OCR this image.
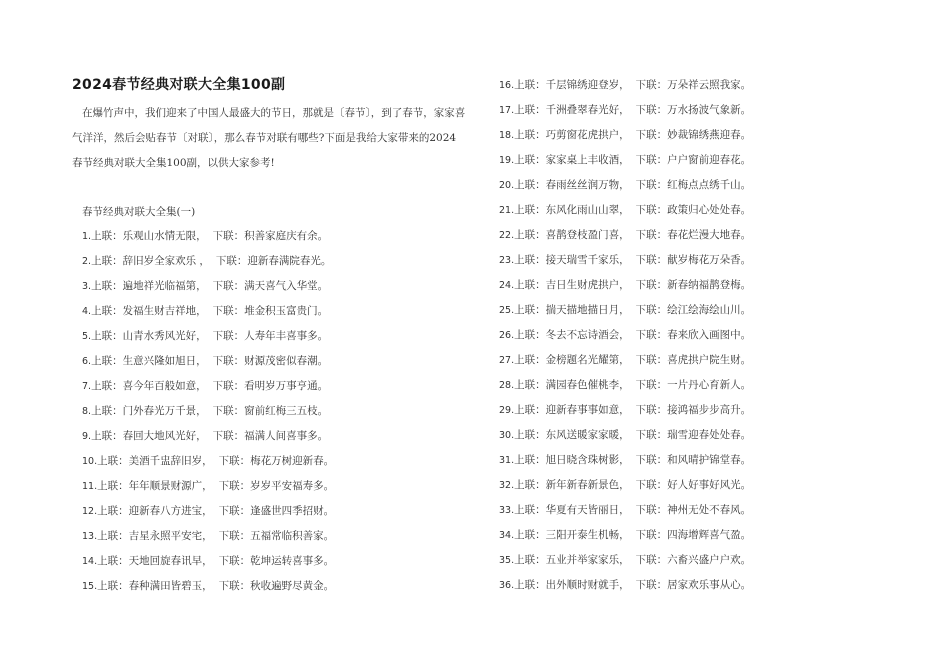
2024春节经典对联大全集100副
在爆竹声中，我们迎来了中国人最盛大的节日，那就是〔春节〕，到了春节，家家喜气洋洋，然后会贴春节〔对联〕，那么春节对联有哪些?下面是我给大家带来的2024春节经典对联大全集100副，以供大家参考!
春节经典对联大全集(一)
1.上联：乐观山水情无限， 下联：积善家庭庆有余。
2.上联：辞旧岁全家欢乐 ， 下联：迎新春满院春光。
3.上联：遍地祥光临福第， 下联：满天喜气入华堂。
4.上联：发福生财吉祥地， 下联：堆金积玉富贵门。
5.上联：山青水秀风光好， 下联：人寿年丰喜事多。
6.上联：生意兴隆如旭日， 下联：财源茂密似春潮。
7.上联：喜今年百般如意， 下联：看明岁万事亨通。
8.上联：门外春光万千景， 下联：窗前红梅三五枝。
9.上联：春回大地风光好， 下联：福满人间喜事多。
10.上联：美酒千盅辞旧岁， 下联：梅花万树迎新春。
11.上联：年年顺景财源广， 下联：岁岁平安福寿多。
12.上联：迎新春八方进宝， 下联：逢盛世四季招财。
13.上联：吉星永照平安宅， 下联：五福常临积善家。
14.上联：天地回旋春讯早， 下联：乾坤运转喜事多。
15.上联：春种满田皆碧玉， 下联：秋收遍野尽黄金。
16.上联：千层锦绣迎登岁， 下联：万朵祥云照我家。
17.上联：千洲叠翠春光好， 下联：万水扬波气象新。
18.上联：巧剪窗花虎拱户， 下联：妙裁锦绣燕迎春。
19.上联：家家桌上丰收酒， 下联：户户窗前迎春花。
20.上联：春雨丝丝润万物， 下联：红梅点点绣千山。
21.上联：东风化雨山山翠， 下联：政策归心处处春。
22.上联：喜鹊登枝盈门喜， 下联：春花烂漫大地春。
23.上联：接天瑞雪千家乐， 下联：献岁梅花万朵香。
24.上联：吉日生财虎拱户， 下联：新春纳福鹊登梅。
25.上联：揣天描地描日月， 下联：绘江绘海绘山川。
26.上联：冬去不忘诗酒会， 下联：春来欣入画图中。
27.上联：金榜题名光耀第， 下联：喜虎拱户院生财。
28.上联：满园春色催桃李， 下联：一片丹心育新人。
29.上联：迎新春事事如意， 下联：接鸿福步步高升。
30.上联：东风送暖家家暖， 下联：瑞雪迎春处处春。
31.上联：旭日晓含珠树影， 下联：和风晴护锦堂春。
32.上联：新年新春新景色， 下联：好人好事好风光。
33.上联：华夏有天皆丽日， 下联：神州无处不春风。
34.上联：三阳开泰生机畅， 下联：四海增辉喜气盈。
35.上联：五业并举家家乐， 下联：六畜兴盛户户欢。
36.上联：出外顺时财就手， 下联：居家欢乐事从心。
